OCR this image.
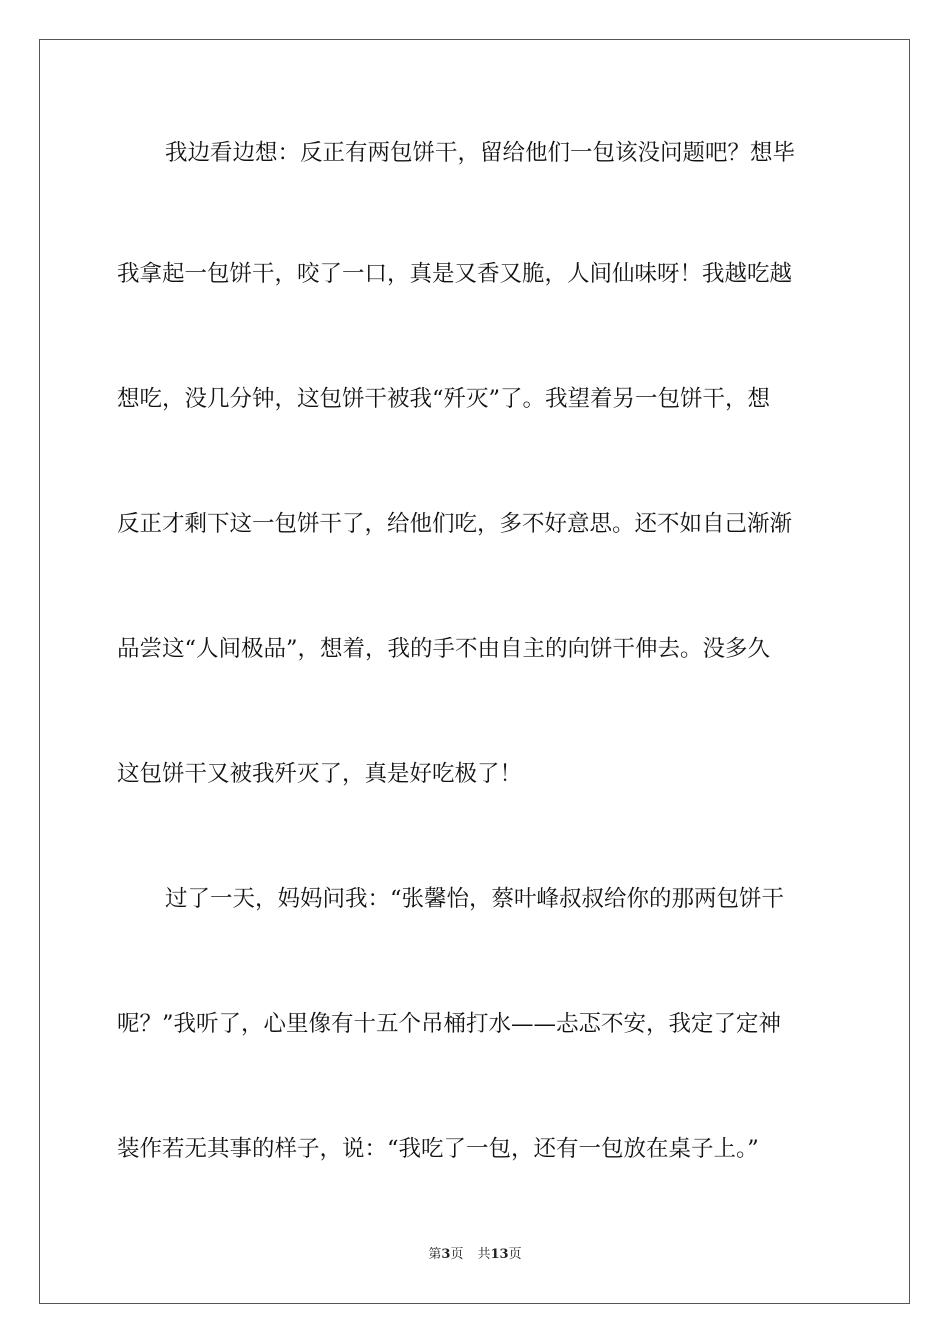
我边看边想：反正有两包饼干，留给他们一包该没问题吧？想毕
我拿起一包饼干，咬了一口，真是又香又脆，人间仙味呀！我越吃越
想吃，没几分钟，这包饼干被我“歼灭”了。我望着另一包饼干，想
反正才剩下这一包饼干了，给他们吃，多不好意思。还不如自己渐渐
品尝这“人间极品”，想着，我的手不由自主的向饼干伸去。没多久
这包饼干又被我歼灭了，真是好吃极了！
过了一天，妈妈问我：“张馨怡，蔡叶峰叔叔给你的那两包饼干
呢？”我听了，心里像有十五个吊桶打水——忐忑不安，我定了定神
装作若无其事的样子，说：“我吃了一包，还有一包放在桌子上。”
第3页 共13页
